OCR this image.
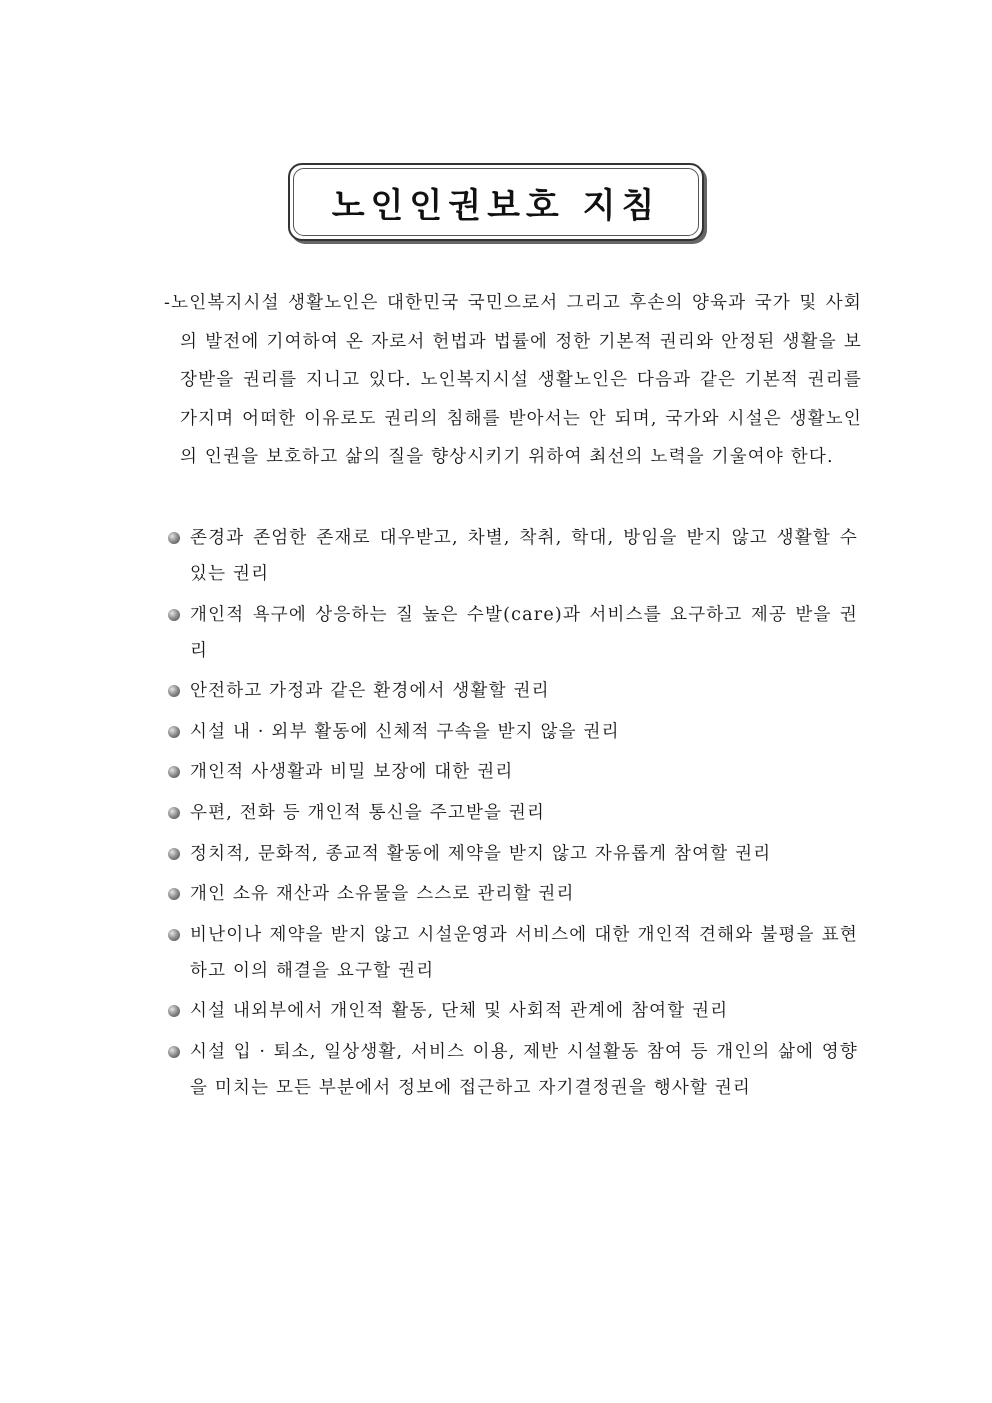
노인인권보호 지침

-노인복지시설 생활노인은 대한민국 국민으로서 그리고 후손의 양육과 국가 및 사회의 발전에 기여하여 온 자로서 헌법과 법률에 정한 기본적 권리와 안정된 생활을 보장받을 권리를 지니고 있다. 노인복지시설 생활노인은 다음과 같은 기본적 권리를 가지며 어떠한 이유로도 권리의 침해를 받아서는 안 되며, 국가와 시설은 생활노인의 인권을 보호하고 삶의 질을 향상시키기 위하여 최선의 노력을 기울여야 한다.

존경과 존엄한 존재로 대우받고, 차별, 착취, 학대, 방임을 받지 않고 생활할 수 있는 권리
개인적 욕구에 상응하는 질 높은 수발(care)과 서비스를 요구하고 제공 받을 권리
안전하고 가정과 같은 환경에서 생활할 권리
시설 내 · 외부 활동에 신체적 구속을 받지 않을 권리
개인적 사생활과 비밀 보장에 대한 권리
우편, 전화 등 개인적 통신을 주고받을 권리
정치적, 문화적, 종교적 활동에 제약을 받지 않고 자유롭게 참여할 권리
개인 소유 재산과 소유물을 스스로 관리할 권리
비난이나 제약을 받지 않고 시설운영과 서비스에 대한 개인적 견해와 불평을 표현하고 이의 해결을 요구할 권리
시설 내외부에서 개인적 활동, 단체 및 사회적 관계에 참여할 권리
시설 입 · 퇴소, 일상생활, 서비스 이용, 제반 시설활동 참여 등 개인의 삶에 영향을 미치는 모든 부분에서 정보에 접근하고 자기결정권을 행사할 권리
